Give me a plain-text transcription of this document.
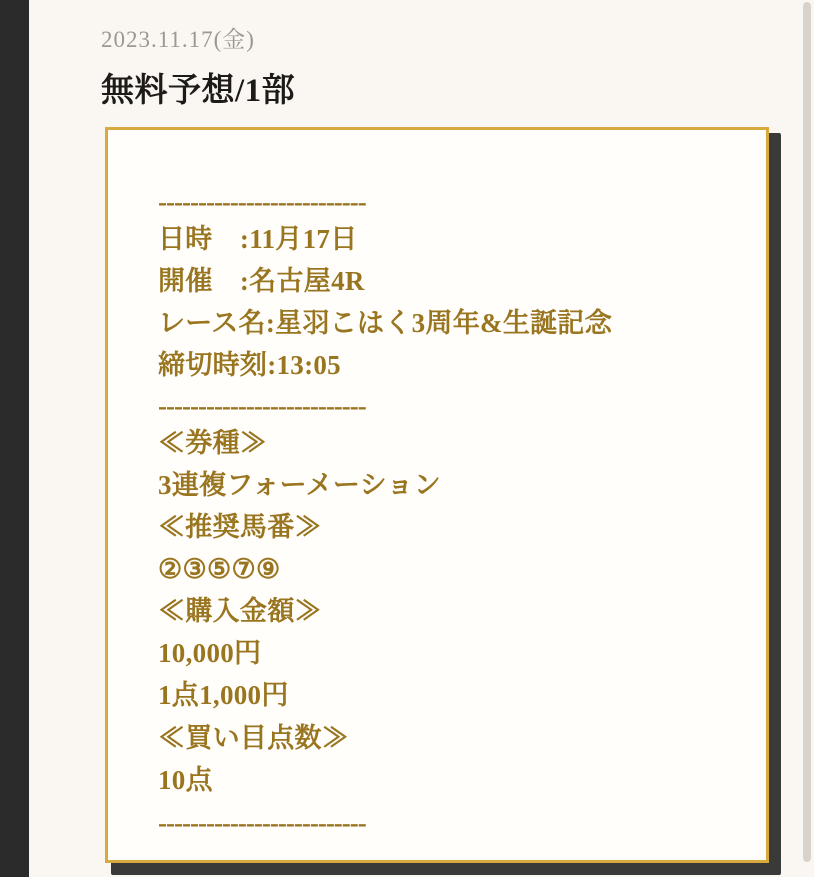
2023.11.17(金)
無料予想/1部
--------------------------
日時　:11月17日
開催　:名古屋4R
レース名:星羽こはく3周年&生誕記念
締切時刻:13:05
--------------------------
≪券種≫
3連複フォーメーション
≪推奨馬番≫
②③⑤⑦⑨
≪購入金額≫
10,000円
1点1,000円
≪買い目点数≫
10点
--------------------------
